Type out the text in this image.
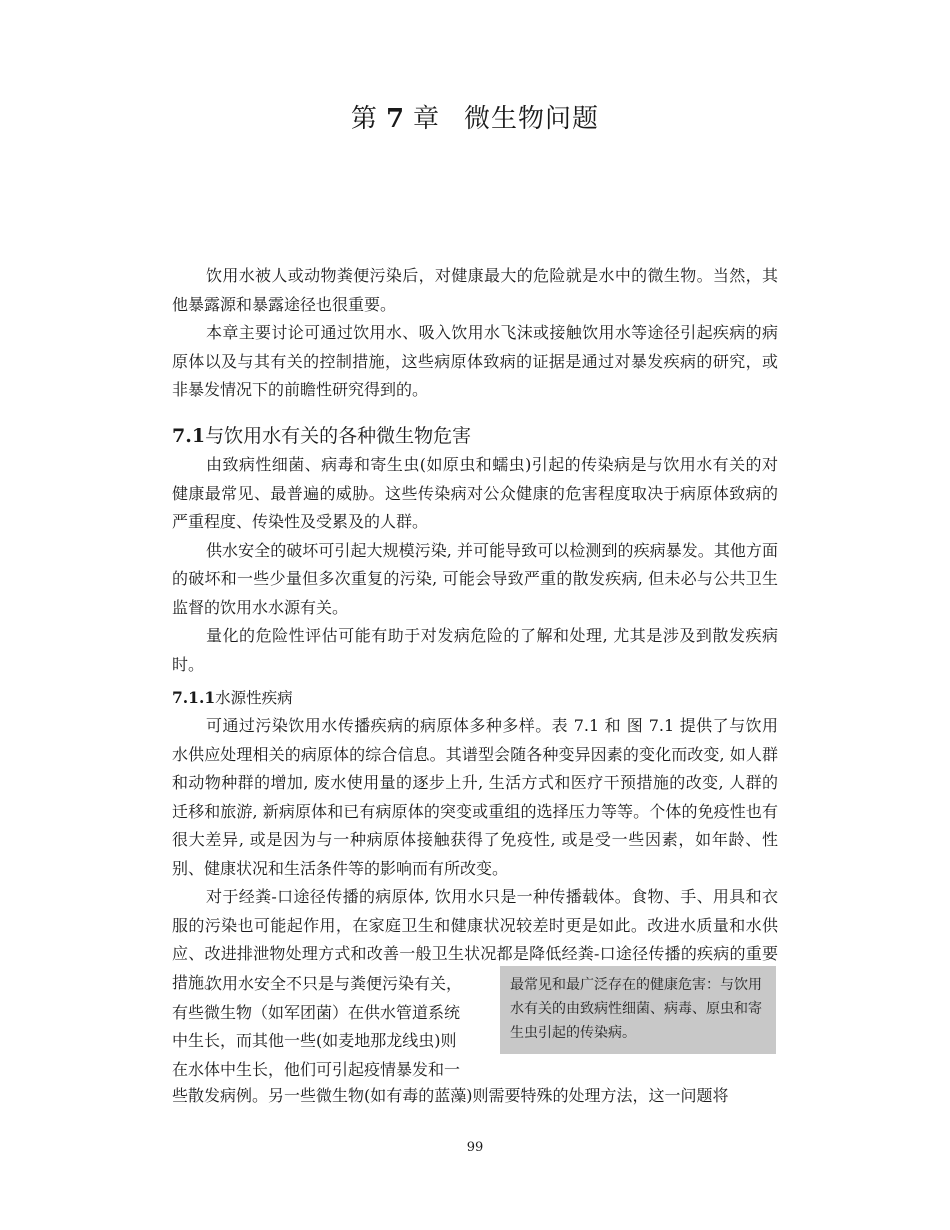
第 7 章 微生物问题

饮用水被人或动物粪便污染后，对健康最大的危险就是水中的微生物。当然，其他暴露源和暴露途径也很重要。

本章主要讨论可通过饮用水、吸入饮用水飞沫或接触饮用水等途径引起疾病的病原体以及与其有关的控制措施，这些病原体致病的证据是通过对暴发疾病的研究，或非暴发情况下的前瞻性研究得到的。

7.1与饮用水有关的各种微生物危害

由致病性细菌、病毒和寄生虫(如原虫和蠕虫)引起的传染病是与饮用水有关的对健康最常见、最普遍的威胁。这些传染病对公众健康的危害程度取决于病原体致病的严重程度、传染性及受累及的人群。

供水安全的破坏可引起大规模污染, 并可能导致可以检测到的疾病暴发。其他方面的破坏和一些少量但多次重复的污染, 可能会导致严重的散发疾病, 但未必与公共卫生监督的饮用水水源有关。

量化的危险性评估可能有助于对发病危险的了解和处理, 尤其是涉及到散发疾病时。

7.1.1水源性疾病

可通过污染饮用水传播疾病的病原体多种多样。表 7.1 和 图 7.1 提供了与饮用水供应处理相关的病原体的综合信息。其谱型会随各种变异因素的变化而改变, 如人群和动物种群的增加, 废水使用量的逐步上升, 生活方式和医疗干预措施的改变, 人群的迁移和旅游, 新病原体和已有病原体的突变或重组的选择压力等等。个体的免疫性也有很大差异, 或是因为与一种病原体接触获得了免疫性, 或是受一些因素，如年龄、性别、健康状况和生活条件等的影响而有所改变。

对于经粪-口途径传播的病原体, 饮用水只是一种传播载体。食物、手、用具和衣服的污染也可能起作用，在家庭卫生和健康状况较差时更是如此。改进水质量和水供应、改进排泄物处理方式和改善一般卫生状况都是降低经粪-口途径传播的疾病的重要措施。

饮用水安全不只是与粪便污染有关，

有些微生物（如军团菌）在供水管道系统

中生长，而其他一些(如麦地那龙线虫)则

在水体中生长，他们可引起疫情暴发和一

些散发病例。另一些微生物(如有毒的蓝藻)则需要特殊的处理方法，这一问题将

最常见和最广泛存在的健康危害：与饮用水有关的由致病性细菌、病毒、原虫和寄生虫引起的传染病。
99
